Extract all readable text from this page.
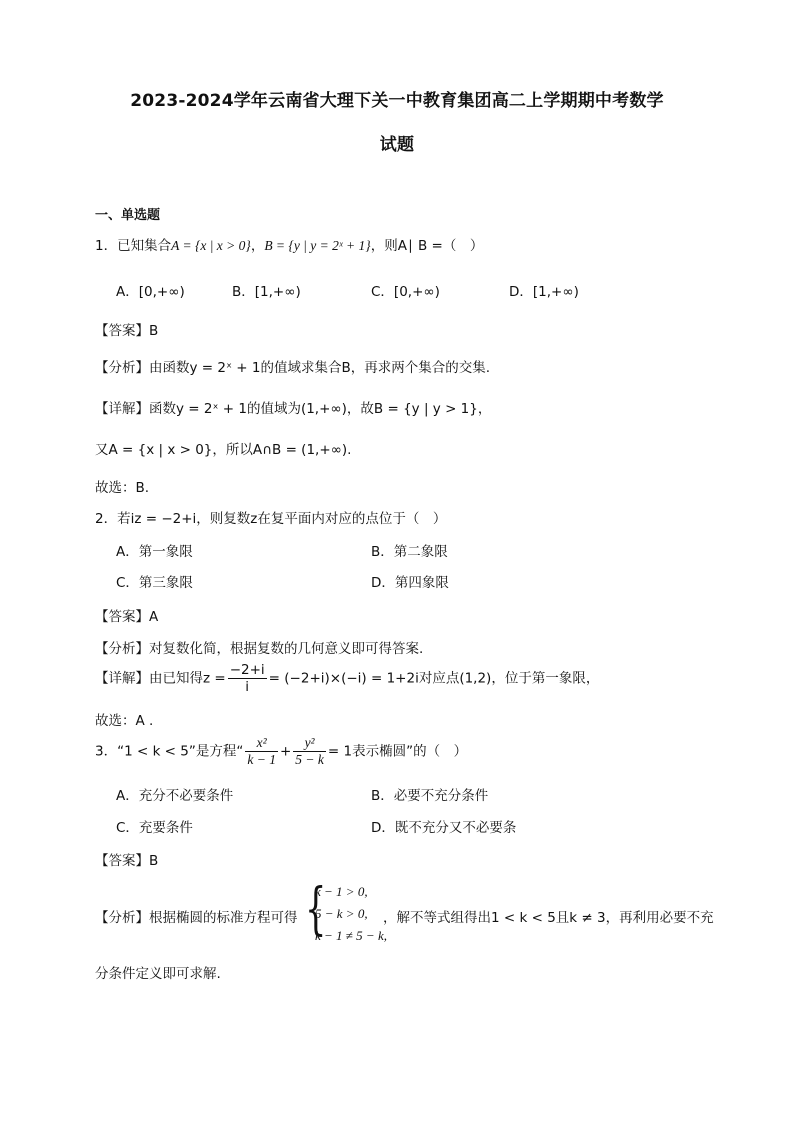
2023-2024学年云南省大理下关一中教育集团高二上学期期中考数学
试题
一、单选题
1．已知集合A = {x | x > 0}，B = {y | y = 2ˣ + 1}，则A∣ B =（　）
A．[0,+∞)	B．[1,+∞)	C．[0,+∞)	D．[1,+∞)
【答案】B
【分析】由函数y = 2ˣ + 1的值域求集合B，再求两个集合的交集.
【详解】函数y = 2ˣ + 1的值域为(1,+∞)，故B = {y | y > 1}，
又A = {x | x > 0}，所以A∩B = (1,+∞).
故选：B.
2．若iz = −2+i，则复数z在复平面内对应的点位于（　）
A．第一象限	B．第二象限
C．第三象限	D．第四象限
【答案】A
【分析】对复数化简，根据复数的几何意义即可得答案.
【详解】由已知得$z = \frac{-2+i}{i} = (-2+i)\times(-i) = 1+2i$对应点(1,2)，位于第一象限，
故选：A .
3．“1 < k < 5”是方程“ $\frac{\text{x²}}{k - 1} + \frac{\text{y²}}{5 - k} = 1$表示椭圆”的（　）
A．充分不必要条件	B．必要不充分条件
C．充要条件	D．既不充分又不必要条
【答案】B
【分析】根据椭圆的标准方程可得 {
k − 1 > 0,
5 − k > 0,
k − 1 ≠ 5 − k,
，解不等式组得出1 < k < 5且k ≠ 3，再利用必要不充
分条件定义即可求解.
